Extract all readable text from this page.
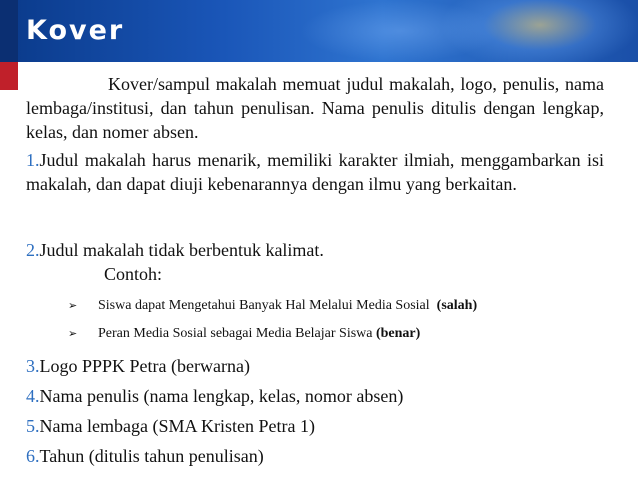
Kover
Kover/sampul makalah memuat judul makalah, logo, penulis, nama lembaga/institusi, dan tahun penulisan. Nama penulis ditulis dengan lengkap, kelas, dan nomer absen.
1.Judul makalah harus menarik, memiliki karakter ilmiah, menggambarkan isi makalah, dan dapat diuji kebenarannya dengan ilmu yang berkaitan.
2.Judul makalah tidak berbentuk kalimat.
Contoh:
➢ Siswa dapat Mengetahui Banyak Hal Melalui Media Sosial (salah)
➢ Peran Media Sosial sebagai Media Belajar Siswa (benar)
3.Logo PPPK Petra (berwarna)
4.Nama penulis (nama lengkap, kelas, nomor absen)
5.Nama lembaga (SMA Kristen Petra 1)
6.Tahun (ditulis tahun penulisan)
